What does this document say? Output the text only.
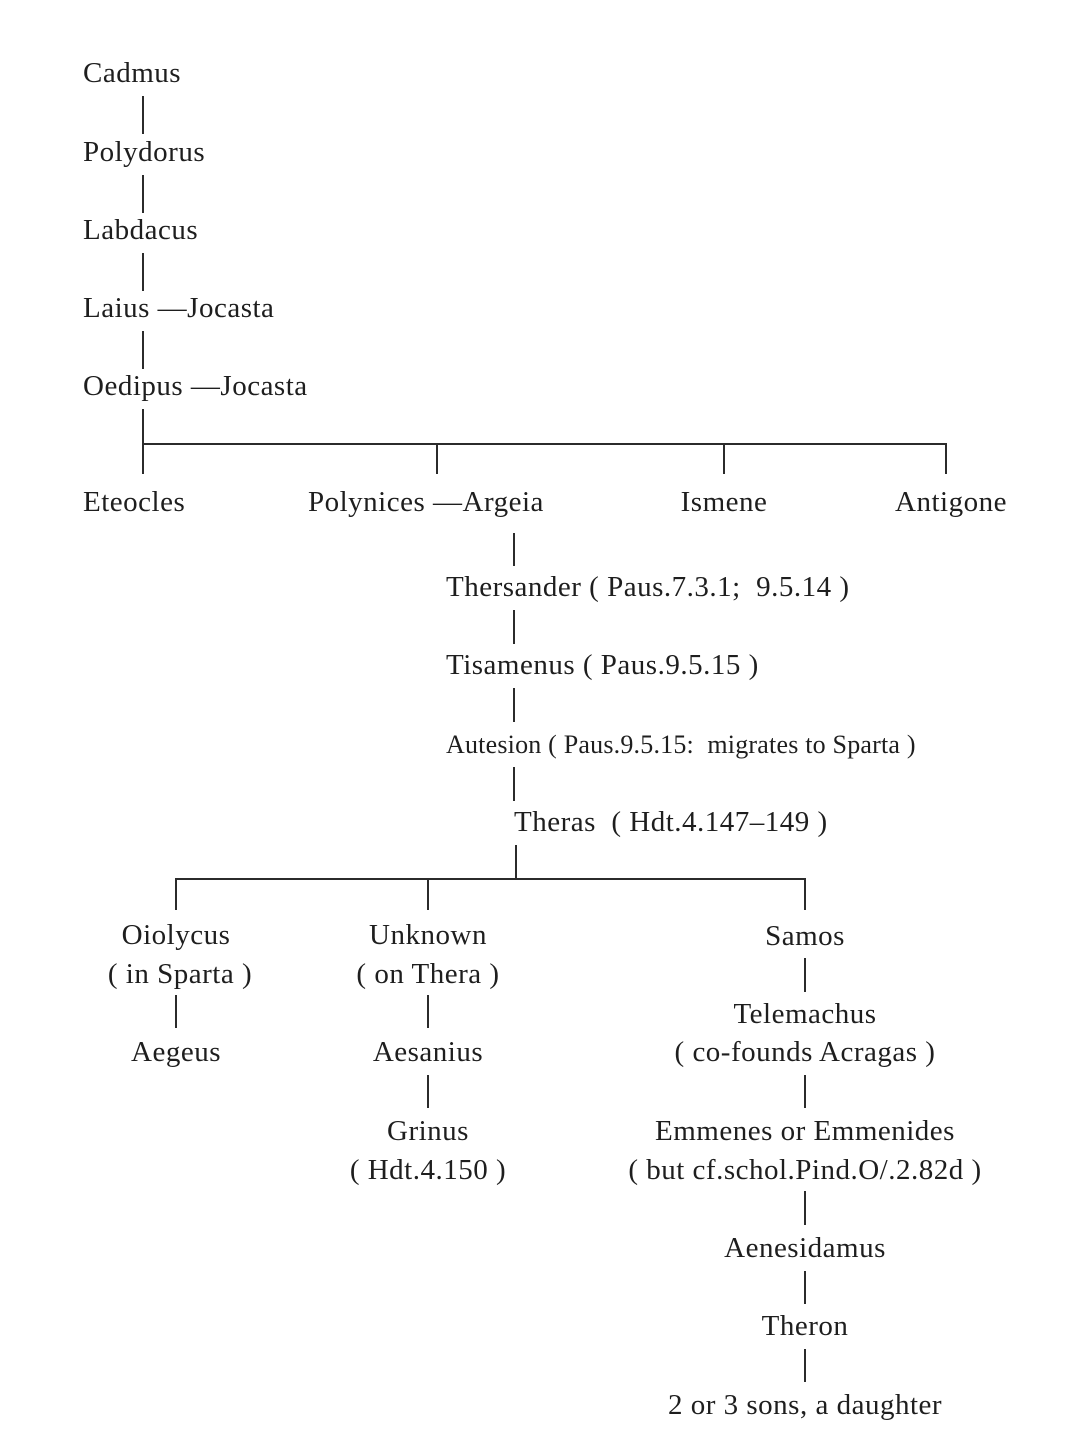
Cadmus
Polydorus
Labdacus
Laius —Jocasta
Oedipus —Jocasta
Eteocles	Polynices —Argeia	Ismene	Antigone
Thersander ( Paus.7.3.1;  9.5.14 )
Tisamenus ( Paus.9.5.15 )
Autesion ( Paus.9.5.15:  migrates to Sparta )
Theras  ( Hdt.4.147–149 )
Oiolycus
( in Sparta )
Aegeus
Unknown
( on Thera )
Aesanius
Grinus
( Hdt.4.150 )
Samos
Telemachus
( co-founds Acragas )
Emmenes or Emmenides
( but cf.schol.Pind.O/.2.82d )
Aenesidamus
Theron
2 or 3 sons, a daughter
